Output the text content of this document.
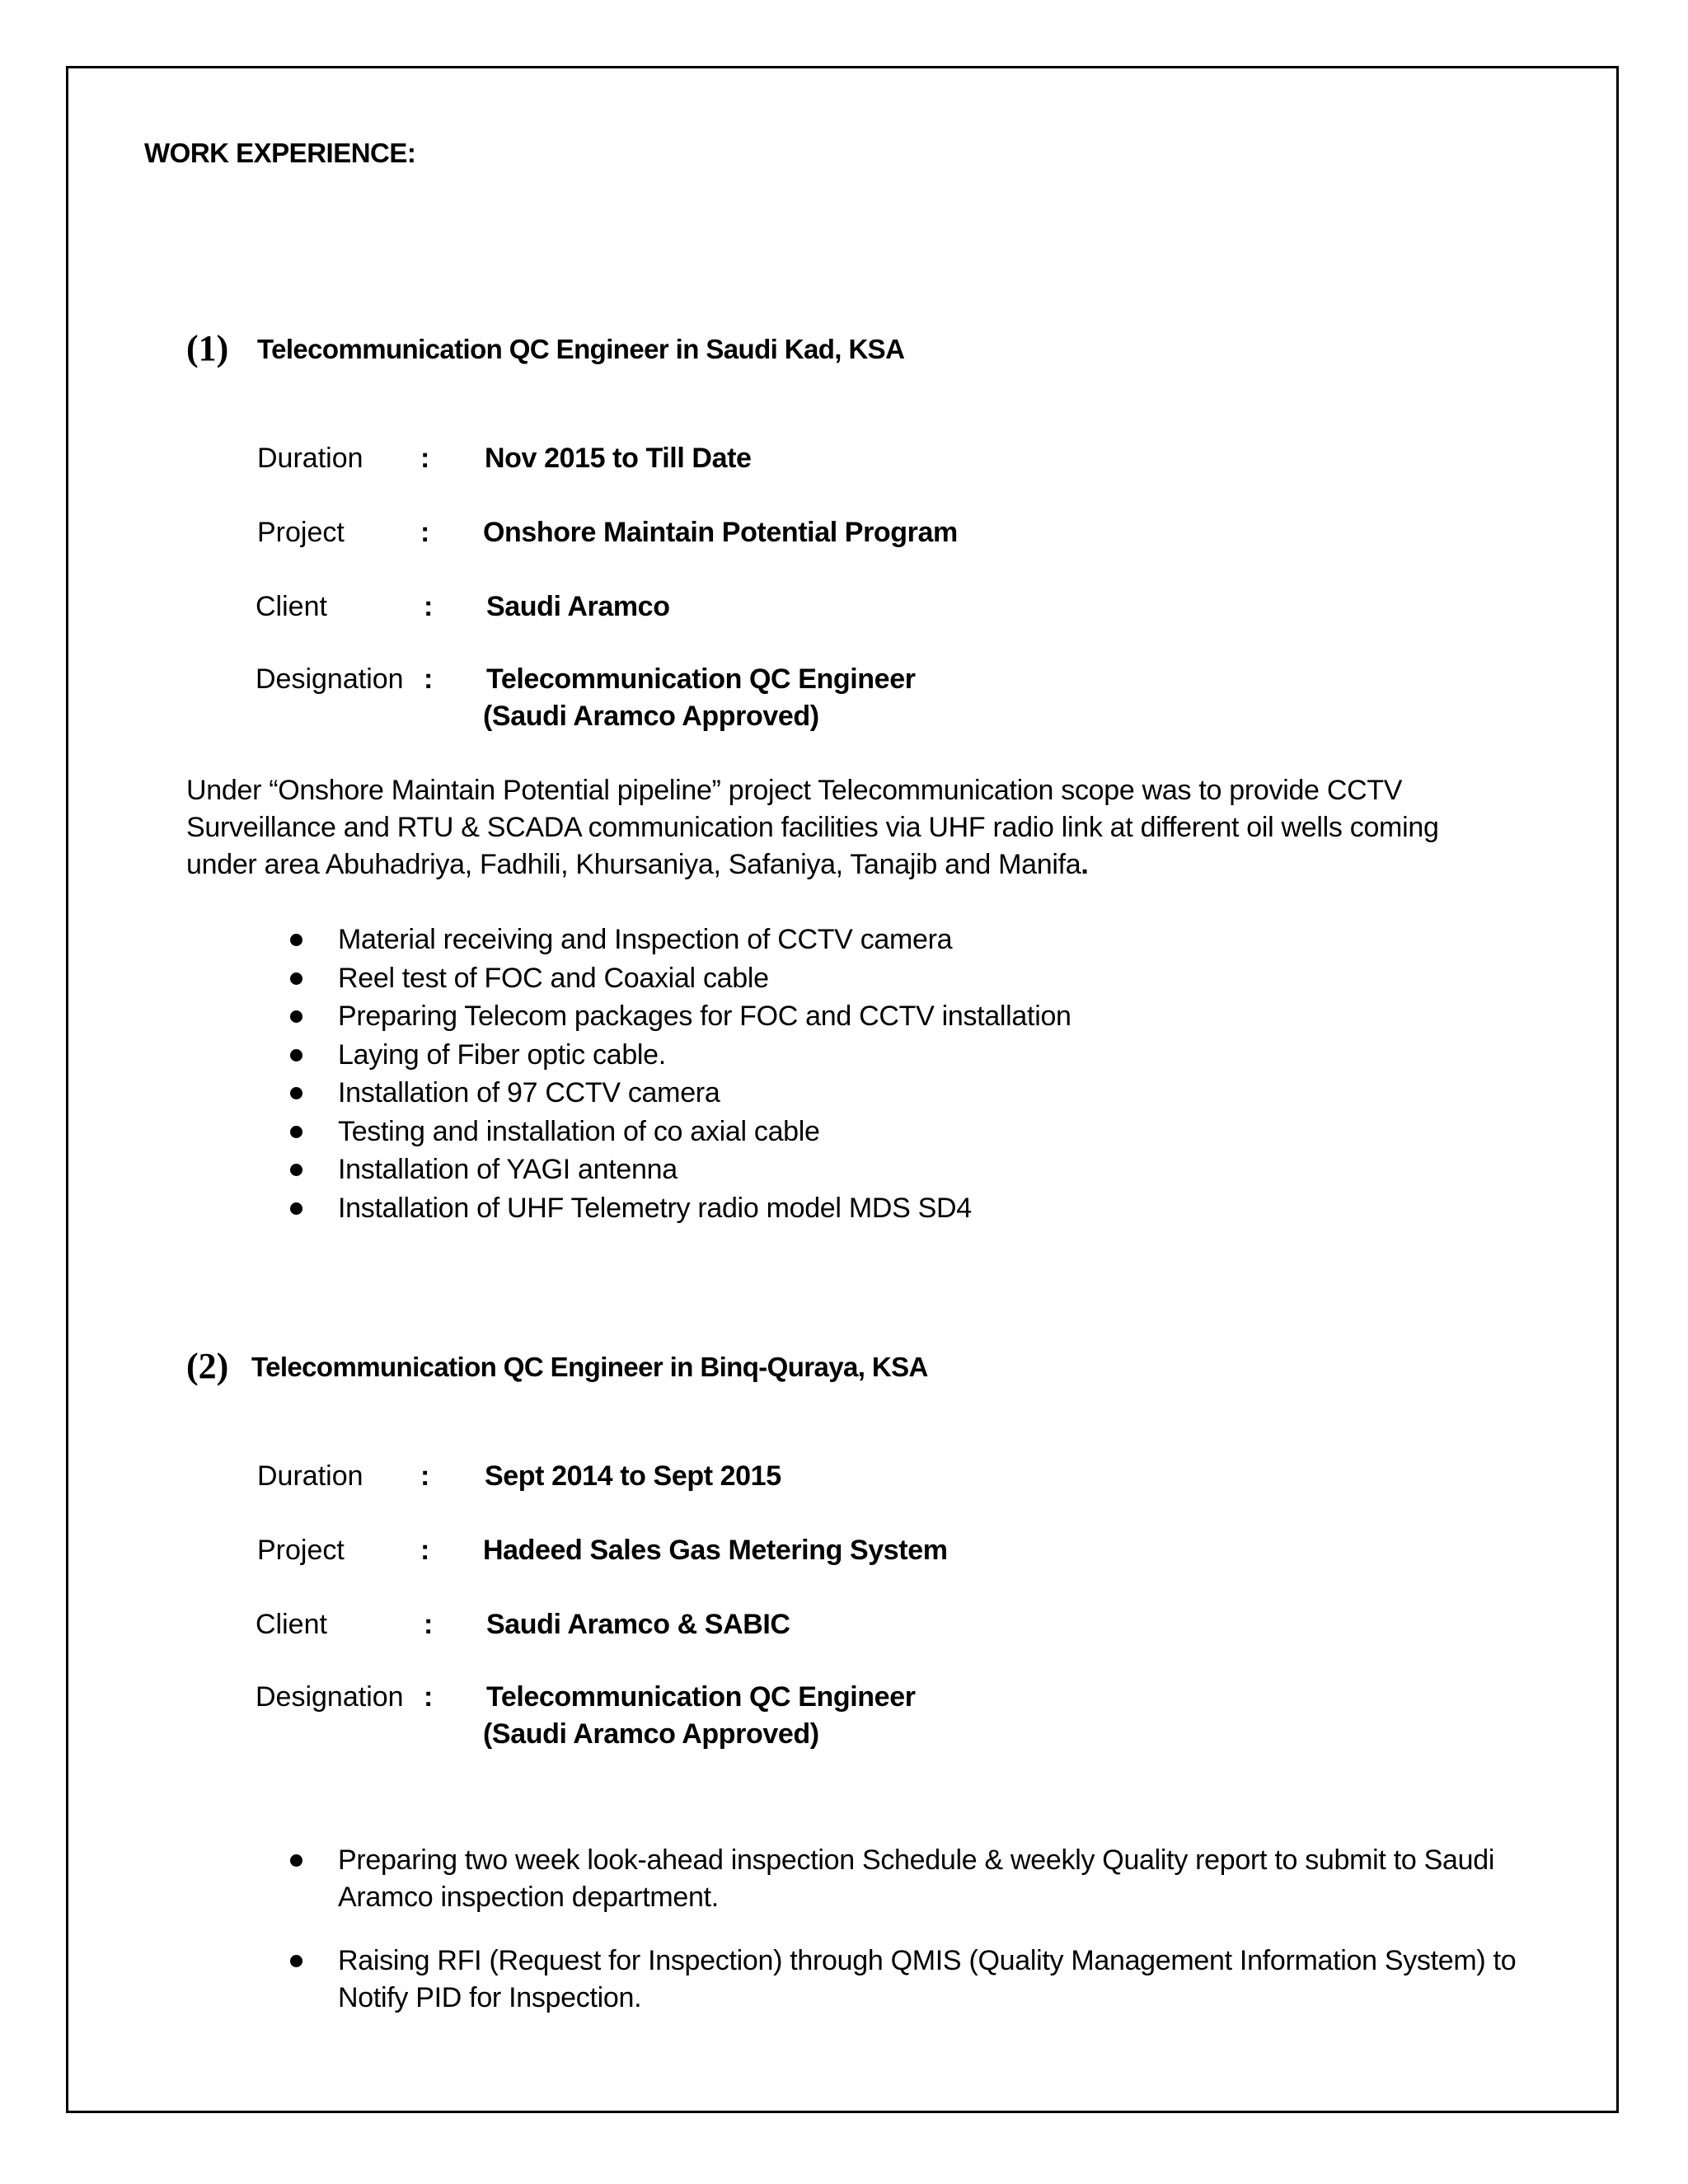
WORK EXPERIENCE:
(1) Telecommunication QC Engineer in Saudi Kad, KSA
Duration : Nov 2015 to Till Date
Project	: Onshore Maintain Potential Program
Client	: Saudi Aramco
Designation : Telecommunication QC Engineer
(Saudi Aramco Approved)
Under “Onshore Maintain Potential pipeline” project Telecommunication scope was to provide CCTV Surveillance and RTU & SCADA communication facilities via UHF radio link at different oil wells coming under area Abuhadriya, Fadhili, Khursaniya, Safaniya, Tanajib and Manifa.
Material receiving and Inspection of CCTV camera
Reel test of FOC and Coaxial cable
Preparing Telecom packages for FOC and CCTV installation
Laying of Fiber optic cable.
Installation of 97 CCTV camera
Testing and installation of co axial cable
Installation of YAGI antenna
Installation of UHF Telemetry radio model MDS SD4
(2) Telecommunication QC Engineer in Binq-Quraya, KSA
Duration : Sept 2014 to Sept 2015
Project	: Hadeed Sales Gas Metering System
Client	: Saudi Aramco & SABIC
Designation : Telecommunication QC Engineer
(Saudi Aramco Approved)
Preparing two week look-ahead inspection Schedule & weekly Quality report to submit to Saudi Aramco inspection department.
Raising RFI (Request for Inspection) through QMIS (Quality Management Information System) to Notify PID for Inspection.
